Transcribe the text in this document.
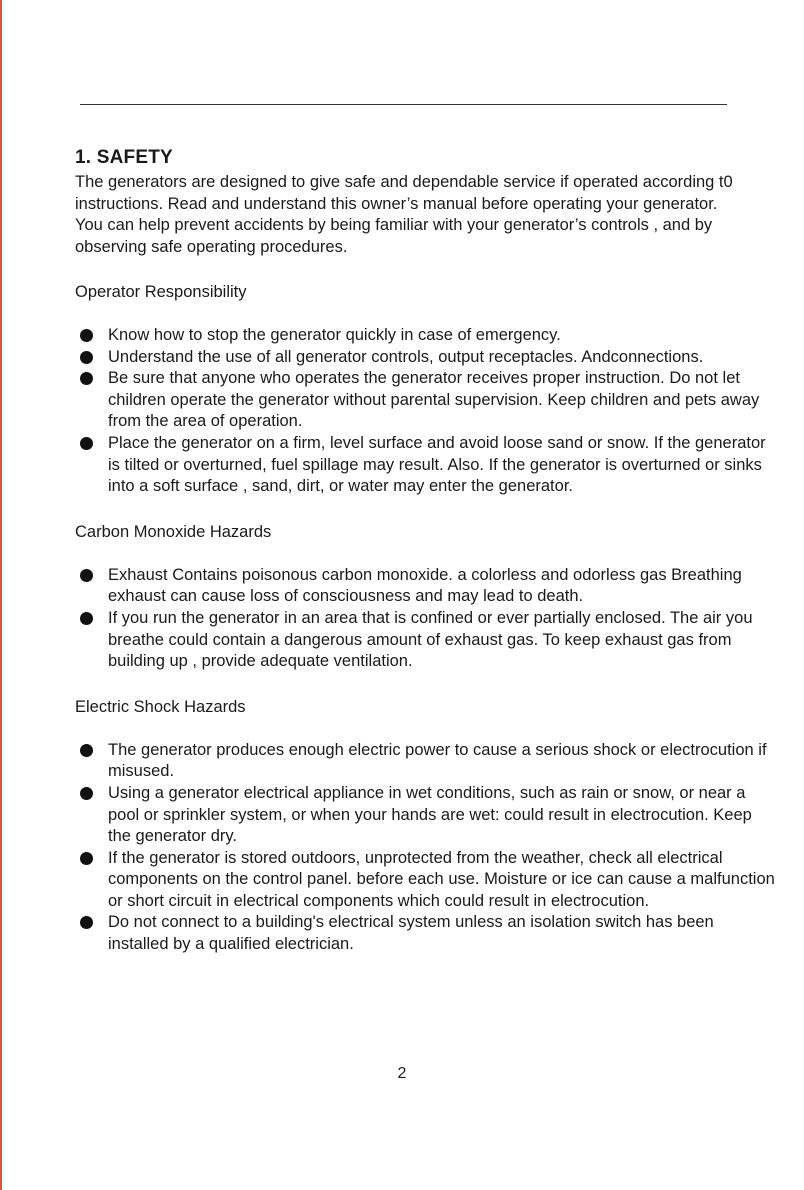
1. SAFETY

The generators are designed to give safe and dependable service if operated according t0 instructions. Read and understand this owner’s manual before operating your generator. You can help prevent accidents by being familiar with your generator’s controls , and by observing safe operating procedures.

Operator Responsibility
Know how to stop the generator quickly in case of emergency.
Understand the use of all generator controls, output receptacles. Andconnections.
Be sure that anyone who operates the generator receives proper instruction. Do not let children operate the generator without parental supervision. Keep children and pets away from the area of operation.
Place the generator on a firm, level surface and avoid loose sand or snow. If the generator is tilted or overturned, fuel spillage may result. Also. If the generator is overturned or sinks into a soft surface , sand, dirt, or water may enter the generator.
Carbon Monoxide Hazards
Exhaust Contains poisonous carbon monoxide. a colorless and odorless gas Breathing exhaust can cause loss of consciousness and may lead to death.
If you run the generator in an area that is confined or ever partially enclosed. The air you breathe could contain a dangerous amount of exhaust gas. To keep exhaust gas from building up , provide adequate ventilation.
Electric Shock Hazards
The generator produces enough electric power to cause a serious shock or electrocution if misused.
Using a generator electrical appliance in wet conditions, such as rain or snow, or near a pool or sprinkler system, or when your hands are wet: could result in electrocution. Keep the generator dry.
If the generator is stored outdoors, unprotected from the weather, check all electrical components on the control panel. before each use. Moisture or ice can cause a malfunction or short circuit in electrical components which could result in electrocution.
Do not connect to a building's electrical system unless an isolation switch has been installed by a qualified electrician.
2
